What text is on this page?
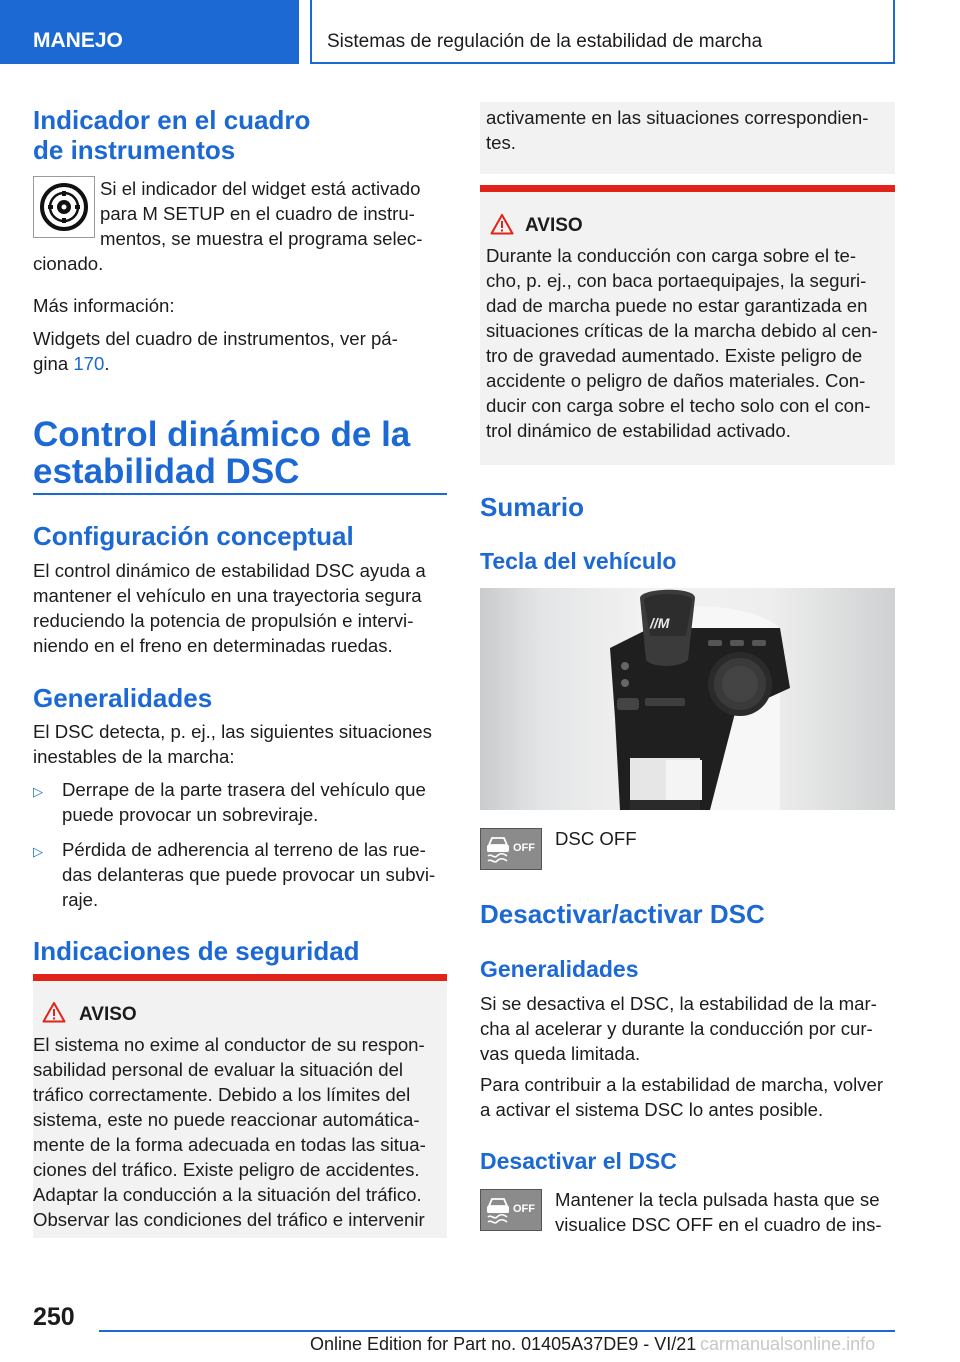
MANEJO	Sistemas de regulación de la estabilidad de marcha
Indicador en el cuadro
de instrumentos
Si el indicador del widget está activado
para M SETUP en el cuadro de instru-
mentos, se muestra el programa selec-
cionado.
Más información:
Widgets del cuadro de instrumentos, ver pá-
gina 170.
Control dinámico de la
estabilidad DSC
Configuración conceptual
El control dinámico de estabilidad DSC ayuda a
mantener el vehículo en una trayectoria segura
reduciendo la potencia de propulsión e intervi-
niendo en el freno en determinadas ruedas.
Generalidades
El DSC detecta, p. ej., las siguientes situaciones
inestables de la marcha:
▷ Derrape de la parte trasera del vehículo que
puede provocar un sobreviraje.
▷ Pérdida de adherencia al terreno de las rue-
das delanteras que puede provocar un subvi-
raje.
Indicaciones de seguridad
AVISO
El sistema no exime al conductor de su respon-
sabilidad personal de evaluar la situación del
tráfico correctamente. Debido a los límites del
sistema, este no puede reaccionar automática-
mente de la forma adecuada en todas las situa-
ciones del tráfico. Existe peligro de accidentes.
Adaptar la conducción a la situación del tráfico.
Observar las condiciones del tráfico e intervenir
activamente en las situaciones correspondien-
tes.
AVISO
Durante la conducción con carga sobre el te-
cho, p. ej., con baca portaequipajes, la seguri-
dad de marcha puede no estar garantizada en
situaciones críticas de la marcha debido al cen-
tro de gravedad aumentado. Existe peligro de
accidente o peligro de daños materiales. Con-
ducir con carga sobre el techo solo con el con-
trol dinámico de estabilidad activado.
Sumario
Tecla del vehículo
//M
OFF DSC OFF
Desactivar/activar DSC
Generalidades
Si se desactiva el DSC, la estabilidad de la mar-
cha al acelerar y durante la conducción por cur-
vas queda limitada.
Para contribuir a la estabilidad de marcha, volver
a activar el sistema DSC lo antes posible.
Desactivar el DSC
OFF Mantener la tecla pulsada hasta que se
visualice DSC OFF en el cuadro de ins-
250
Online Edition for Part no. 01405A37DE9 - VI/21 carmanualsonline.info
